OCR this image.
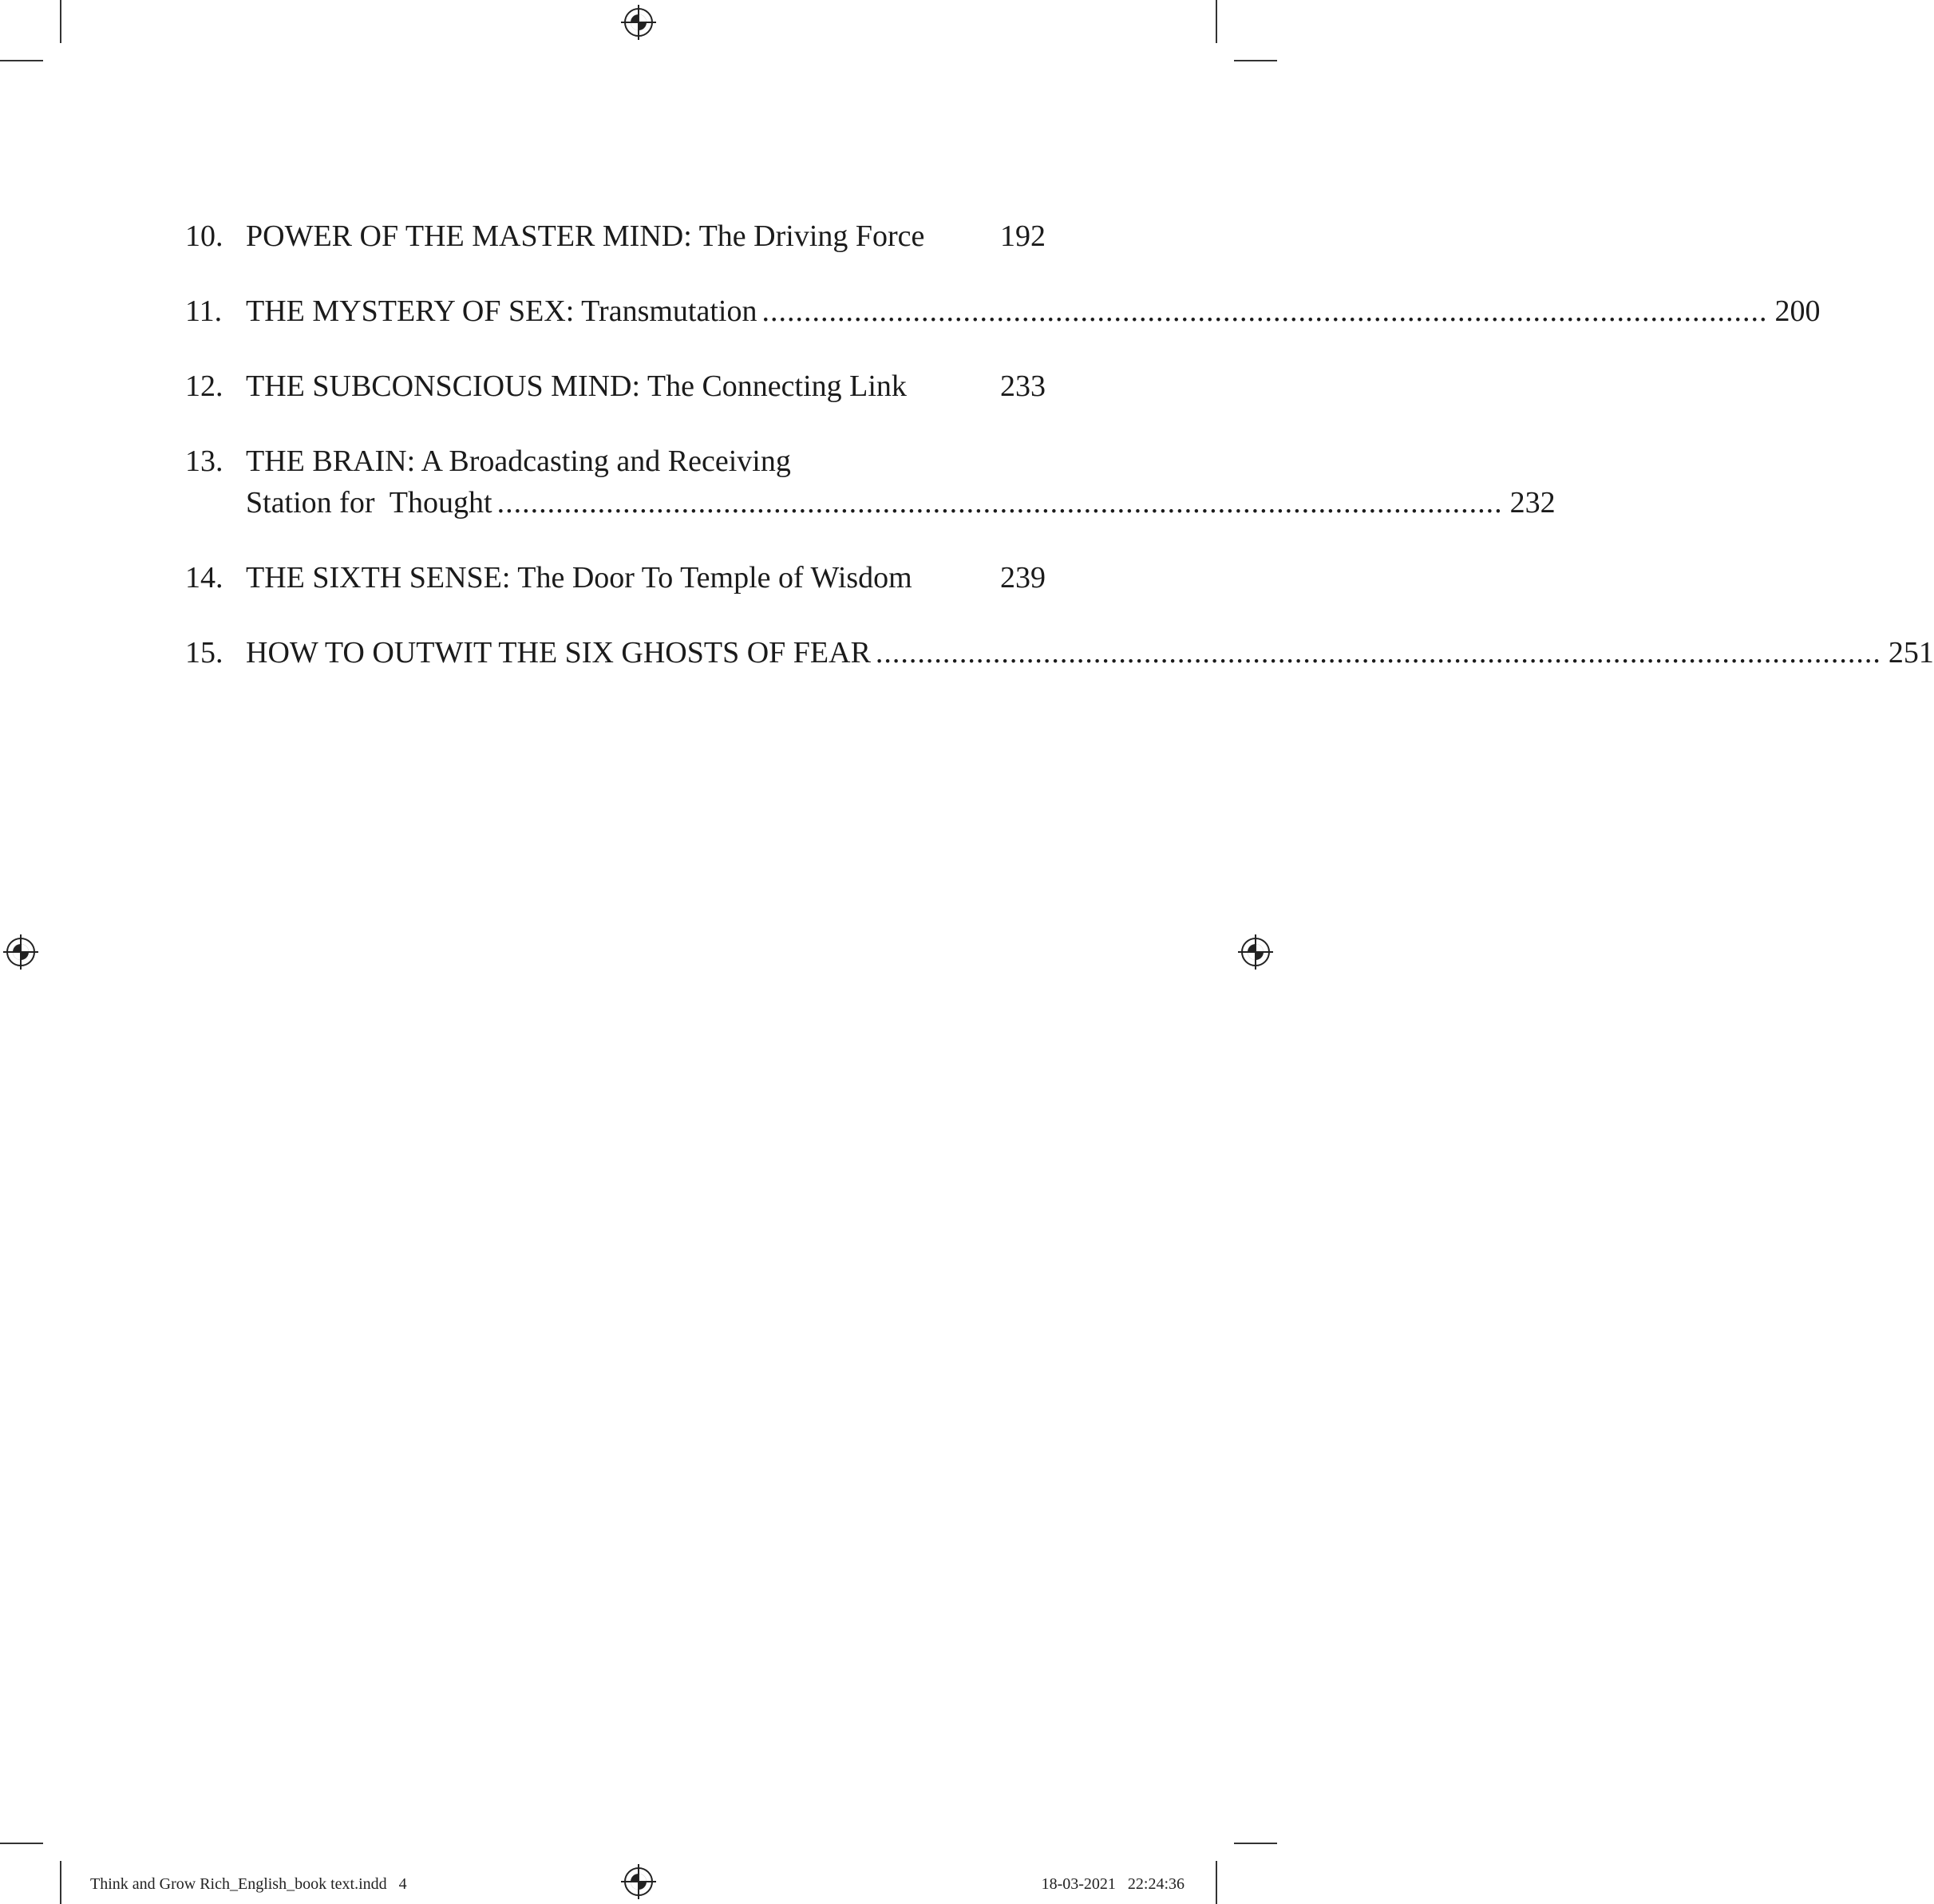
10. POWER OF THE MASTER MIND: The Driving Force 192
11. THE MYSTERY OF SEX: Transmutation ........................................................................................................................ 200
12. THE SUBCONSCIOUS MIND: The Connecting Link	233
13. THE BRAIN: A Broadcasting and Receiving
Station for  Thought ........................................................................................................................ 232
14. THE SIXTH SENSE: The Door To Temple of Wisdom	239
15. HOW TO OUTWIT THE SIX GHOSTS OF FEAR ........................................................................................................................ 251
Think and Grow Rich_English_book text.indd   4	18-03-2021   22:24:36
